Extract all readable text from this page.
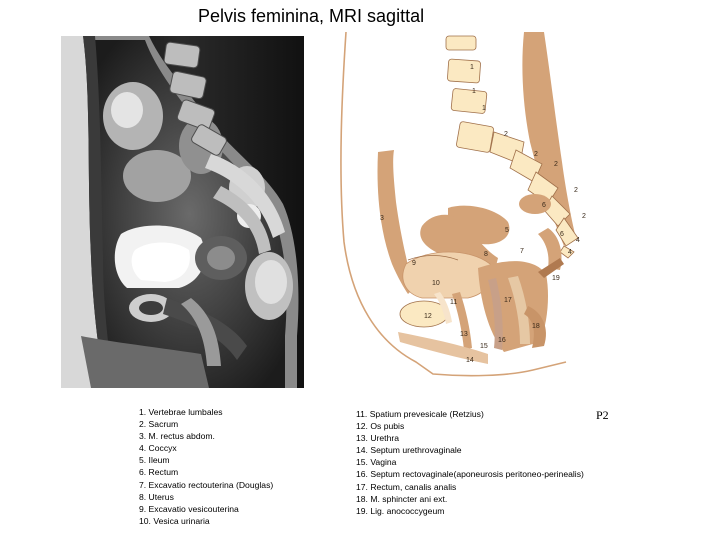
Pelvis feminina, MRI sagittal
1
1
1
2
2
2
2
2
3
4
4
5
6
6
7
8
9
10
11
12
13
14
15
16
17
18
19
1. Vertebrae lumbales
2. Sacrum
3. M. rectus abdom.
4. Coccyx
5. Ileum
6. Rectum
7. Excavatio rectouterina (Douglas)
8. Uterus
9. Excavatio vesicouterina
10. Vesica urinaria
11. Spatium prevesicale (Retzius)
12. Os pubis
13. Urethra
14. Septum urethrovaginale
15. Vagina
16. Septum rectovaginale(aponeurosis peritoneo-perinealis)
17. Rectum, canalis analis
18. M. sphincter ani ext.
19. Lig. anococcygeum
P2
